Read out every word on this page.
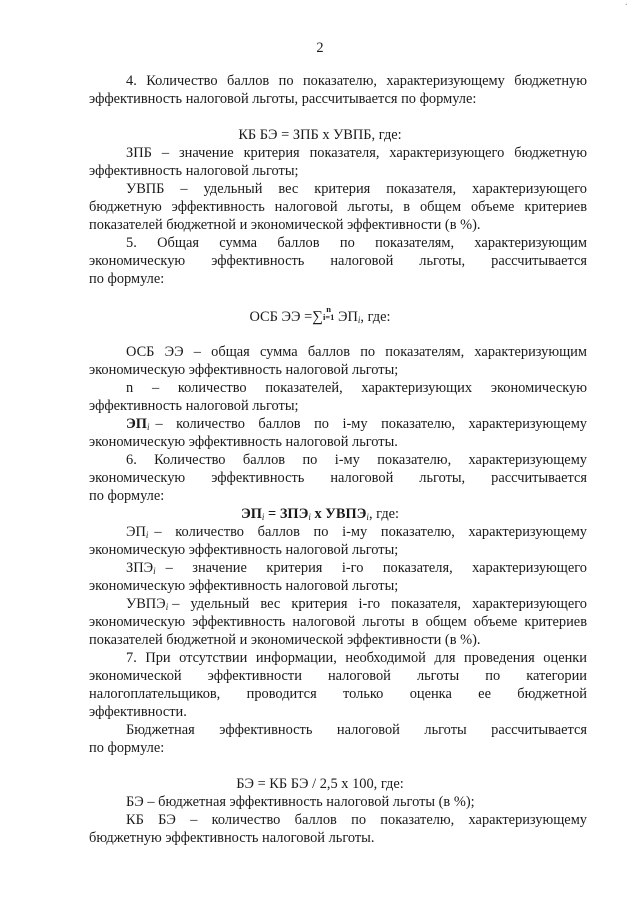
·
2
4. Количество баллов по показателю, характеризующему бюджетную
эффективность налоговой льготы, рассчитывается по формуле:
КБ БЭ = ЗПБ х УВПБ, где:
ЗПБ – значение критерия показателя, характеризующего бюджетную
эффективность налоговой льготы;
УВПБ – удельный вес критерия показателя, характеризующего
бюджетную эффективность налоговой льготы, в общем объеме критериев
показателей бюджетной и экономической эффективности (в %).
5. Общая сумма баллов по показателям, характеризующим
экономическую эффективность налоговой льготы, рассчитывается
по формуле:
ОСБ ЭЭ =∑ n
i=1 $ЭП_i$, где:
ОСБ ЭЭ – общая сумма баллов по показателям, характеризующим
экономическую эффективность налоговой льготы;
n – количество показателей, характеризующих экономическую
эффективность налоговой льготы;
$ЭП_i$ – количество баллов по i-му показателю, характеризующему
экономическую эффективность налоговой льготы.
6. Количество баллов по i-му показателю, характеризующему
экономическую эффективность налоговой льготы, рассчитывается
по формуле:
$ЭП_i = ЗПЭ_i$ х $УВПЭ_i$, где:
$ЭП_i$ – количество баллов по i-му показателю, характеризующему
экономическую эффективность налоговой льготы;
$ЗПЭ_i$ – значение критерия i-го показателя, характеризующего
экономическую эффективность налоговой льготы;
$УВПЭ_i$ – удельный вес критерия i-го показателя, характеризующего
экономическую эффективность налоговой льготы в общем объеме критериев
показателей бюджетной и экономической эффективности (в %).
7. При отсутствии информации, необходимой для проведения оценки
экономической эффективности налоговой льготы по категории
налогоплательщиков, проводится только оценка ее бюджетной
эффективности.
Бюджетная эффективность налоговой льготы рассчитывается
по формуле:
БЭ = КБ БЭ / 2,5 х 100, где:
БЭ – бюджетная эффективность налоговой льготы (в %);
КБ БЭ – количество баллов по показателю, характеризующему
бюджетную эффективность налоговой льготы.
